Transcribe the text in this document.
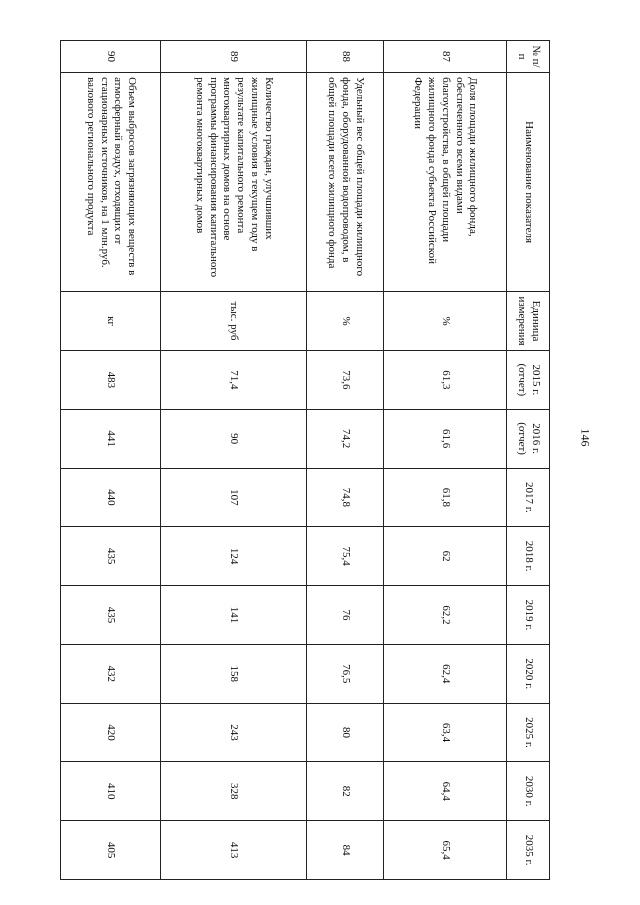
№ п/п	Наименование показателя	Единица измерения	2015 г. (отчет)	2016 г. (отчет)	2017 г.	2018 г.	2019 г.	2020 г.	2025 г.	2030 г.	2035 г.
87	Доля площади жилищного фонда, обеспеченного всеми видами благоустройства, в общей площади жилищного фонда субъекта Российской Федерации	%	61,3	61,6	61,8	62	62,2	62,4	63,4	64,4	65,4
88	Удельный вес общей площади жилищного фонда, оборудованной водопроводом, в общей площади всего жилищного фонда	%	73,6	74,2	74,8	75,4	76	76,5	80	82	84
89	Количество граждан, улучшивших жилищные условия в текущем году в результате капитального ремонта многоквартирных домов на основе программы финансирования капитального ремонта многоквартирных домов	тыс. руб	71,4	90	107	124	141	158	243	328	413
90	Объем выбросов загрязняющих веществ в атмосферный воздух, отходящих от стационарных источников, на 1 млн.руб. валового регионального продукта	кг	483	441	440	435	435	432	420	410	405
146
